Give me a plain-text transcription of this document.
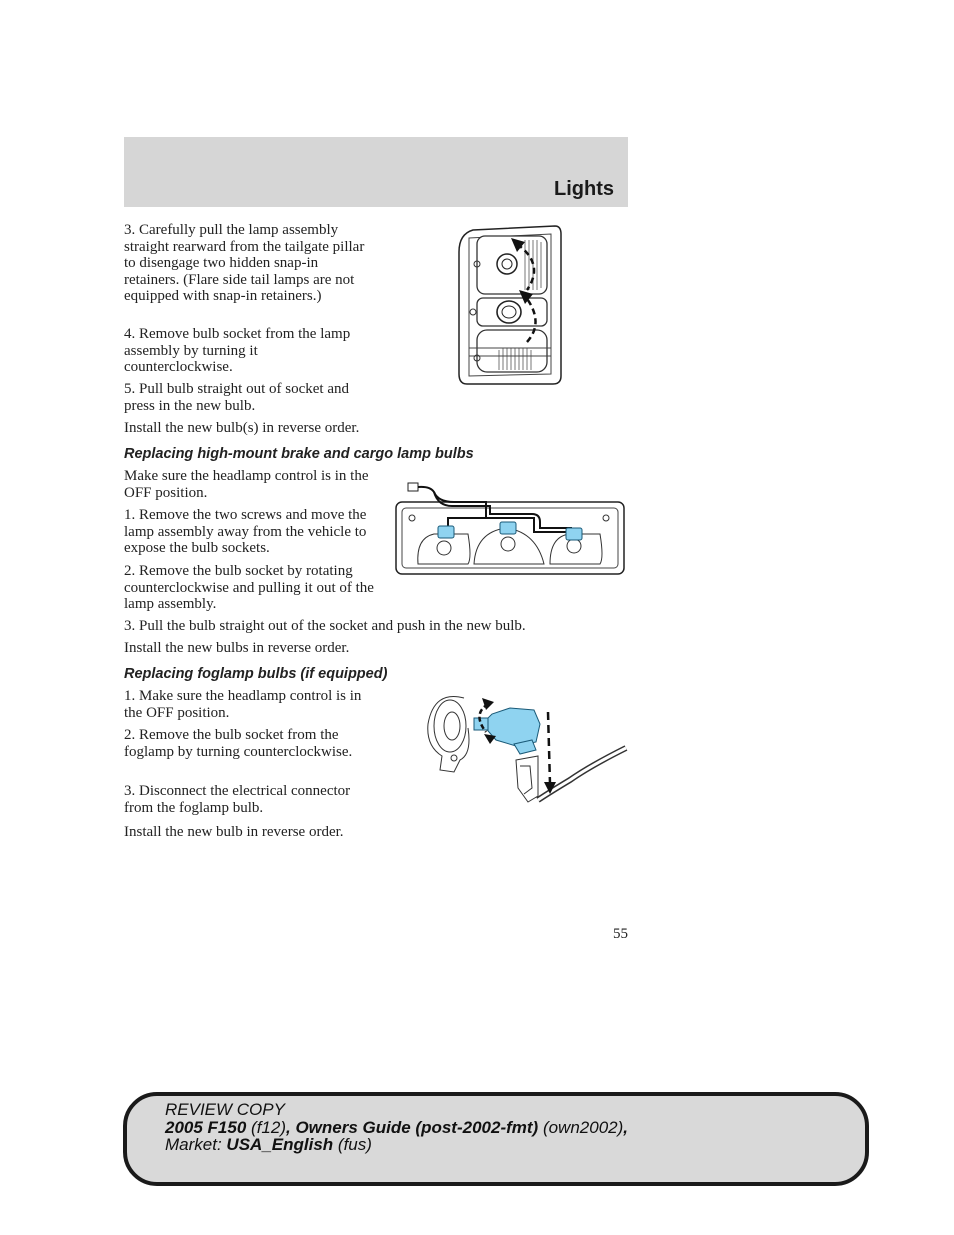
Lights

3. Carefully pull the lamp assembly straight rearward from the tailgate pillar to disengage two hidden snap-in retainers. (Flare side tail lamps are not equipped with snap-in retainers.)

4. Remove bulb socket from the lamp assembly by turning it counterclockwise.

5. Pull bulb straight out of socket and press in the new bulb.

Install the new bulb(s) in reverse order.

Replacing high-mount brake and cargo lamp bulbs

Make sure the headlamp control is in the OFF position.

1. Remove the two screws and move the lamp assembly away from the vehicle to expose the bulb sockets.

2. Remove the bulb socket by rotating counterclockwise and pulling it out of the lamp assembly.

3. Pull the bulb straight out of the socket and push in the new bulb.

Install the new bulbs in reverse order.

Replacing foglamp bulbs (if equipped)

1. Make sure the headlamp control is in the OFF position.

2. Remove the bulb socket from the foglamp by turning counterclockwise.

3. Disconnect the electrical connector from the foglamp bulb.

Install the new bulb in reverse order.

55
REVIEW COPY
2005 F150 (f12), Owners Guide (post-2002-fmt) (own2002),
Market: USA_English (fus)
